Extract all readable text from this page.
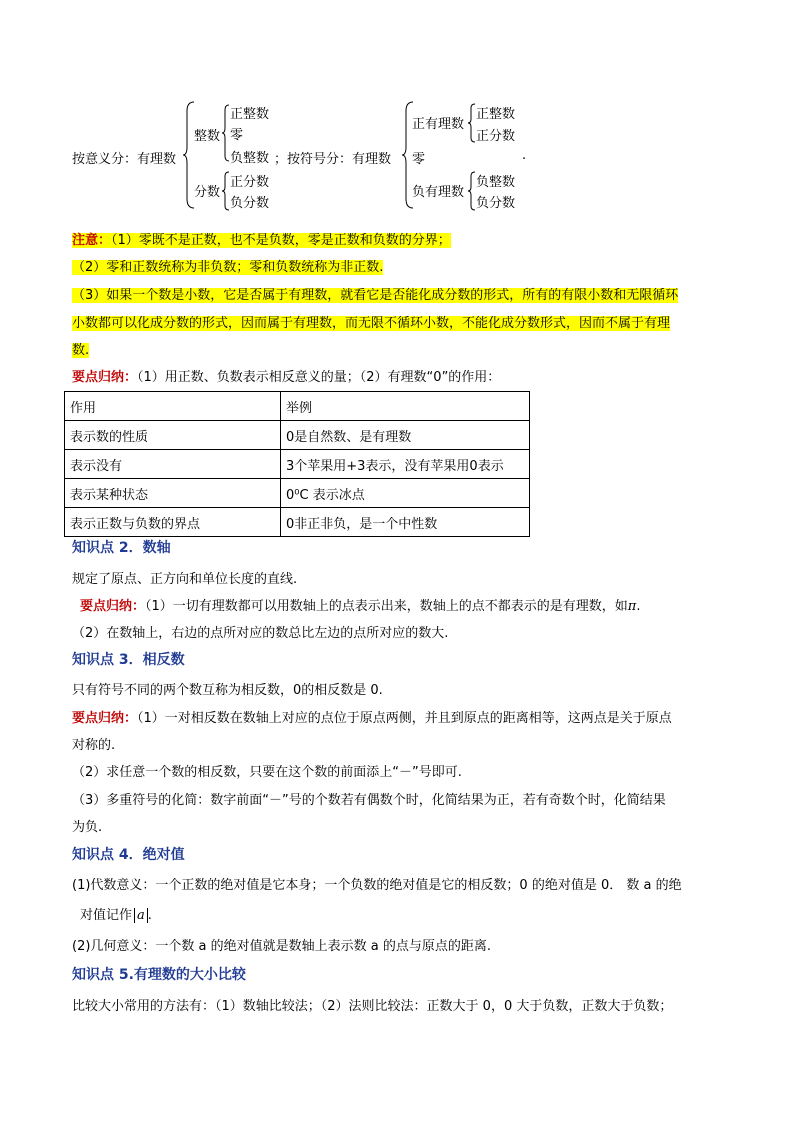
按意义分：有理数
整数
正整数
零
负整数
分数
正分数
负分数
；按符号分：有理数
正有理数
正整数
正分数
零
负有理数
负整数
负分数
.
注意：（1）零既不是正数，也不是负数，零是正数和负数的分界；
（2）零和正数统称为非负数；零和负数统称为非正数.
（3）如果一个数是小数，它是否属于有理数，就看它是否能化成分数的形式，所有的有限小数和无限循环
小数都可以化成分数的形式，因而属于有理数，而无限不循环小数，不能化成分数形式，因而不属于有理
数.
要点归纳：（1）用正数、负数表示相反意义的量；（2）有理数“0”的作用：
作用	举例
表示数的性质	0是自然数、是有理数
表示没有	3个苹果用+3表示，没有苹果用0表示
表示某种状态	0⁰C 表示冰点
表示正数与负数的界点	0非正非负，是一个中性数
知识点 2．数轴
规定了原点、正方向和单位长度的直线.
要点归纳：（1）一切有理数都可以用数轴上的点表示出来，数轴上的点不都表示的是有理数，如π.
（2）在数轴上，右边的点所对应的数总比左边的点所对应的数大.
知识点 3．相反数
只有符号不同的两个数互称为相反数，0的相反数是 0.
要点归纳：（1）一对相反数在数轴上对应的点位于原点两侧，并且到原点的距离相等，这两点是关于原点
对称的.
（2）求任意一个数的相反数，只要在这个数的前面添上“－”号即可.
（3）多重符号的化简：数字前面“－”号的个数若有偶数个时，化简结果为正，若有奇数个时，化简结果
为负.
知识点 4．绝对值
(1)代数意义：一个正数的绝对值是它本身；一个负数的绝对值是它的相反数；0 的绝对值是 0． 数 a 的绝
对值记作 a .
(2)几何意义：一个数 a 的绝对值就是数轴上表示数 a 的点与原点的距离.
知识点 5.有理数的大小比较
比较大小常用的方法有：（1）数轴比较法；（2）法则比较法：正数大于 0，0 大于负数，正数大于负数；
